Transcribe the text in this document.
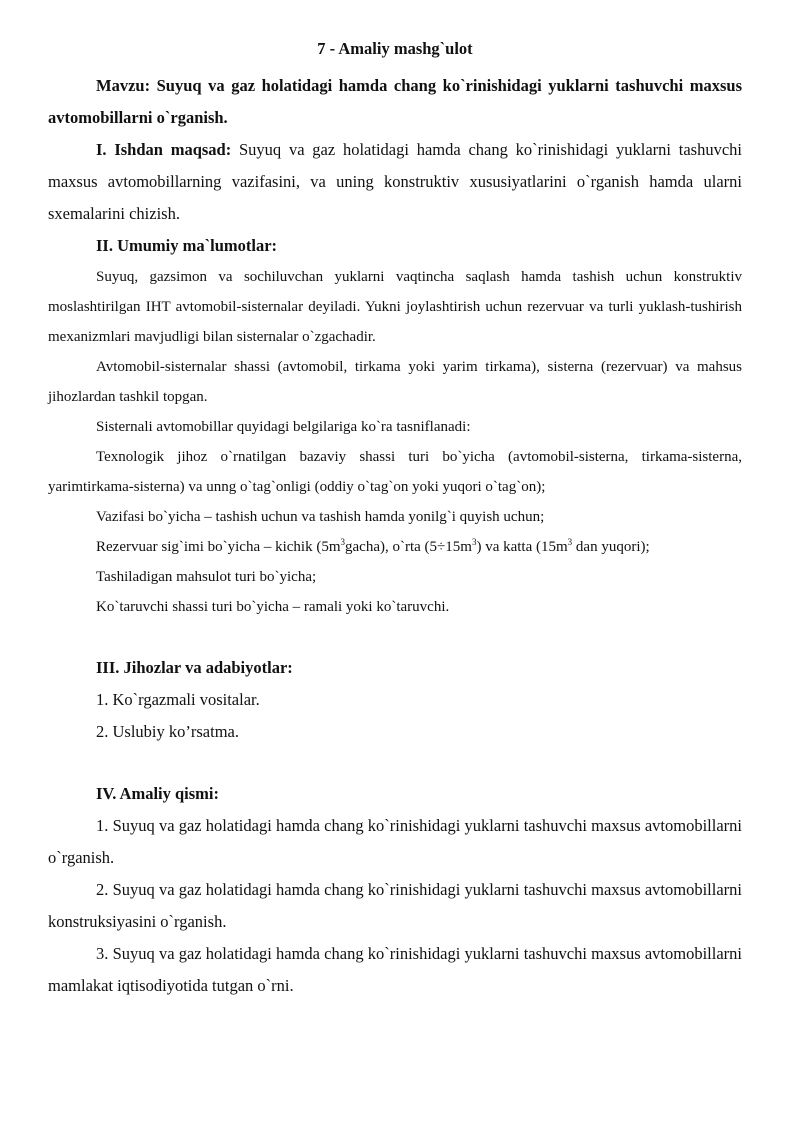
7 - Amaliy mashg`ulot

Mavzu: Suyuq va gaz holatidagi hamda chang ko`rinishidagi yuklarni tashuvchi maxsus avtomobillarni o`rganish.

I. Ishdan maqsad: Suyuq va gaz holatidagi hamda chang ko`rinishidagi yuklarni tashuvchi maxsus avtomobillarning vazifasini, va uning konstruktiv xususiyatlarini o`rganish hamda ularni sxemalarini chizish.

II. Umumiy ma`lumotlar:

Suyuq, gazsimon va sochiluvchan yuklarni vaqtincha saqlash hamda tashish uchun konstruktiv moslashtirilgan IHT avtomobil-sisternalar deyiladi. Yukni joylashtirish uchun rezervuar va turli yuklash-tushirish mexanizmlari mavjudligi bilan sisternalar o`zgachadir.

Avtomobil-sisternalar shassi (avtomobil, tirkama yoki yarim tirkama), sisterna (rezervuar) va mahsus jihozlardan tashkil topgan.

Sisternali avtomobillar quyidagi belgilariga ko`ra tasniflanadi:

Texnologik jihoz o`rnatilgan bazaviy shassi turi bo`yicha (avtomobil-sisterna, tirkama-sisterna, yarimtirkama-sisterna) va unng o`tag`onligi (oddiy o`tag`on yoki yuqori o`tag`on);

Vazifasi bo`yicha – tashish uchun va tashish hamda yonilg`i quyish uchun;

Rezervuar sig`imi bo`yicha – kichik $(5m^3gacha)$, o`rta $(5\div 15m^3)$ va katta ($15m^3$ dan yuqori);

Tashiladigan mahsulot turi bo`yicha;

Ko`taruvchi shassi turi bo`yicha – ramali yoki ko`taruvchi.

III. Jihozlar va adabiyotlar:

1. Ko`rgazmali vositalar.

2. Uslubiy ko’rsatma.

IV. Amaliy qismi:

1. Suyuq va gaz holatidagi hamda chang ko`rinishidagi yuklarni tashuvchi maxsus avtomobillarni o`rganish.

2. Suyuq va gaz holatidagi hamda chang ko`rinishidagi yuklarni tashuvchi maxsus avtomobillarni konstruksiyasini o`rganish.

3. Suyuq va gaz holatidagi hamda chang ko`rinishidagi yuklarni tashuvchi maxsus avtomobillarni mamlakat iqtisodiyotida tutgan o`rni.
